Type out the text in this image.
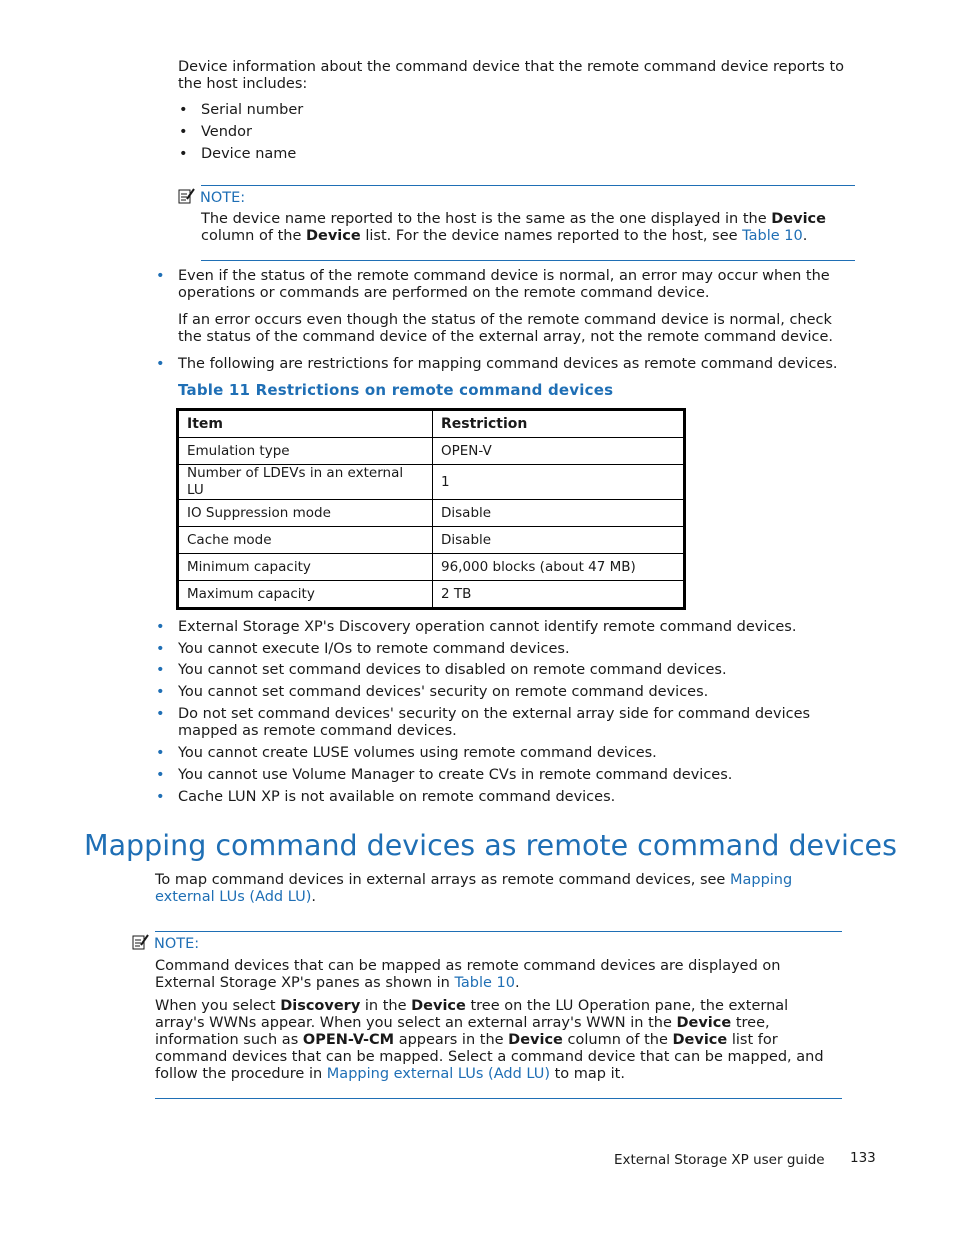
Device information about the command device that the remote command device reports to the host includes:
• Serial number
• Vendor
• Device name
NOTE:
The device name reported to the host is the same as the one displayed in the Device column of the Device list. For the device names reported to the host, see Table 10.
• Even if the status of the remote command device is normal, an error may occur when the operations or commands are performed on the remote command device.
If an error occurs even though the status of the remote command device is normal, check the status of the command device of the external array, not the remote command device.
• The following are restrictions for mapping command devices as remote command devices.
Table 11 Restrictions on remote command devices
Item	Restriction
Emulation type	OPEN-V
Number of LDEVs in an external LU	1
IO Suppression mode	Disable
Cache mode	Disable
Minimum capacity	96,000 blocks (about 47 MB)
Maximum capacity	2 TB
• External Storage XP's Discovery operation cannot identify remote command devices.
• You cannot execute I/Os to remote command devices.
• You cannot set command devices to disabled on remote command devices.
• You cannot set command devices' security on remote command devices.
• Do not set command devices' security on the external array side for command devices mapped as remote command devices.
• You cannot create LUSE volumes using remote command devices.
• You cannot use Volume Manager to create CVs in remote command devices.
• Cache LUN XP is not available on remote command devices.
Mapping command devices as remote command devices
To map command devices in external arrays as remote command devices, see Mapping external LUs (Add LU).
NOTE:
Command devices that can be mapped as remote command devices are displayed on External Storage XP's panes as shown in Table 10.
When you select Discovery in the Device tree on the LU Operation pane, the external array's WWNs appear. When you select an external array's WWN in the Device tree, information such as OPEN-V-CM appears in the Device column of the Device list for command devices that can be mapped. Select a command device that can be mapped, and follow the procedure in Mapping external LUs (Add LU) to map it.
External Storage XP user guide 133
